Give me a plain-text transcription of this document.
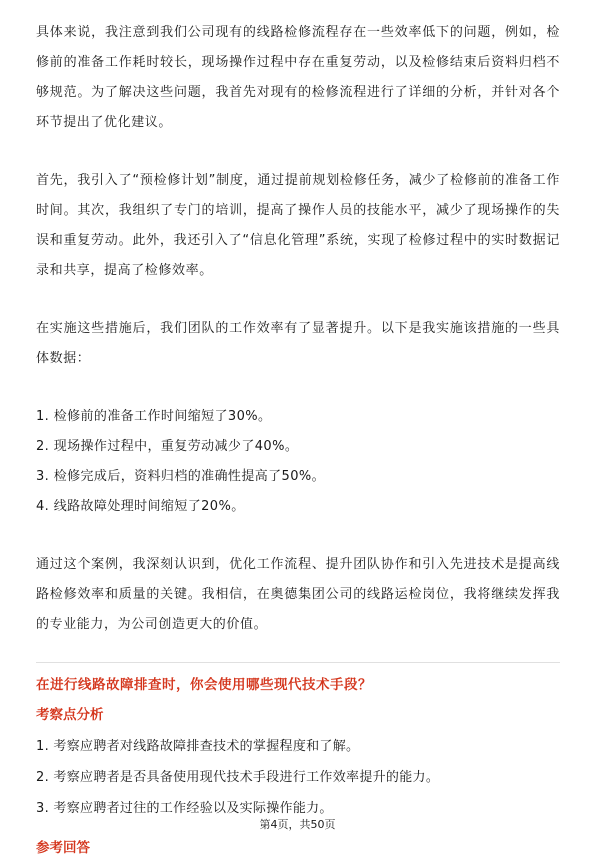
具体来说，我注意到我们公司现有的线路检修流程存在一些效率低下的问题，例如，检修前的准备工作耗时较长，现场操作过程中存在重复劳动，以及检修结束后资料归档不够规范。为了解决这些问题，我首先对现有的检修流程进行了详细的分析，并针对各个环节提出了优化建议。

首先，我引入了“预检修计划”制度，通过提前规划检修任务，减少了检修前的准备工作时间。其次，我组织了专门的培训，提高了操作人员的技能水平，减少了现场操作的失误和重复劳动。此外，我还引入了“信息化管理”系统，实现了检修过程中的实时数据记录和共享，提高了检修效率。

在实施这些措施后，我们团队的工作效率有了显著提升。以下是我实施该措施的一些具体数据：

1. 检修前的准备工作时间缩短了30%。
2. 现场操作过程中，重复劳动减少了40%。
3. 检修完成后，资料归档的准确性提高了50%。
4. 线路故障处理时间缩短了20%。

通过这个案例，我深刻认识到，优化工作流程、提升团队协作和引入先进技术是提高线路检修效率和质量的关键。我相信，在奥德集团公司的线路运检岗位，我将继续发挥我的专业能力，为公司创造更大的价值。

在进行线路故障排查时，你会使用哪些现代技术手段？
考察点分析
1. 考察应聘者对线路故障排查技术的掌握程度和了解。
2. 考察应聘者是否具备使用现代技术手段进行工作效率提升的能力。
3. 考察应聘者过往的工作经验以及实际操作能力。
参考回答
第4页，共50页
